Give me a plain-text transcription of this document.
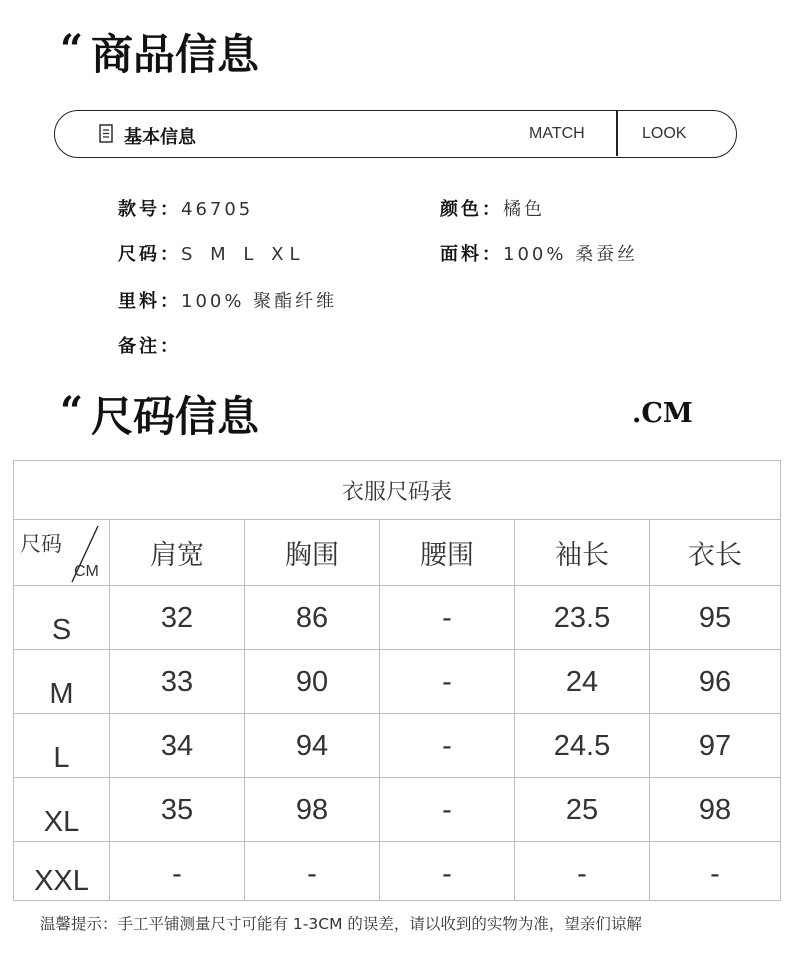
“ 商品信息
基本信息	MATCH	LOOK
款号：46705	颜色：橘色
尺码：S M L XL	面料：100% 桑蚕丝
里料：100% 聚酯纤维
备注：
“ 尺码信息	.CM
衣服尺码表					

尺码
CM	肩宽	胸围	腰围	袖长	衣长
S	32	86	-	23.5	95
M	33	90	-	24	96
L	34	94	-	24.5	97
XL	35	98	-	25	98
XXL	-	-	-	-	-
温馨提示：手工平铺测量尺寸可能有 1-3CM 的误差，请以收到的实物为准，望亲们谅解
